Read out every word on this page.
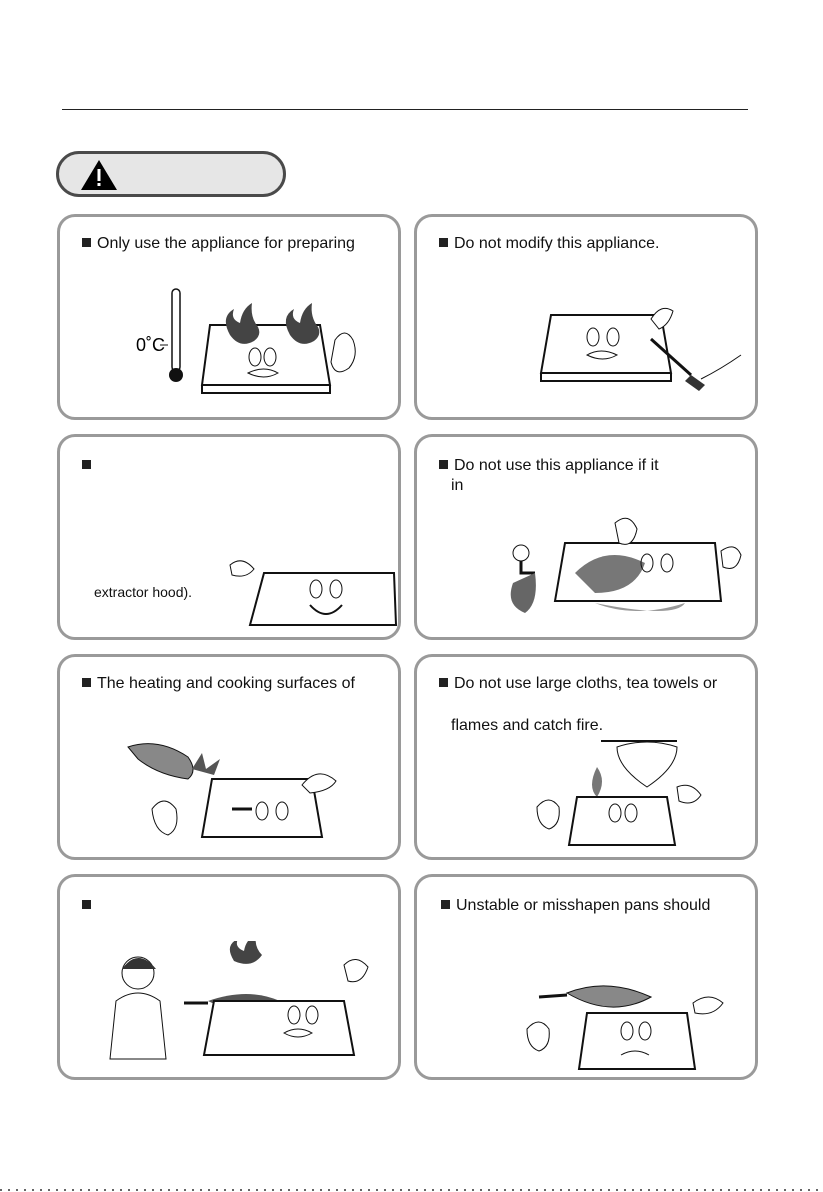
Only use the appliance for preparing
0˚C
Do not modify this appliance.
extractor hood).
Do not use this appliance if it
in
The heating and cooking surfaces of	Do not use large cloths, tea towels or
flames and catch fire.
Unstable or misshapen pans should
